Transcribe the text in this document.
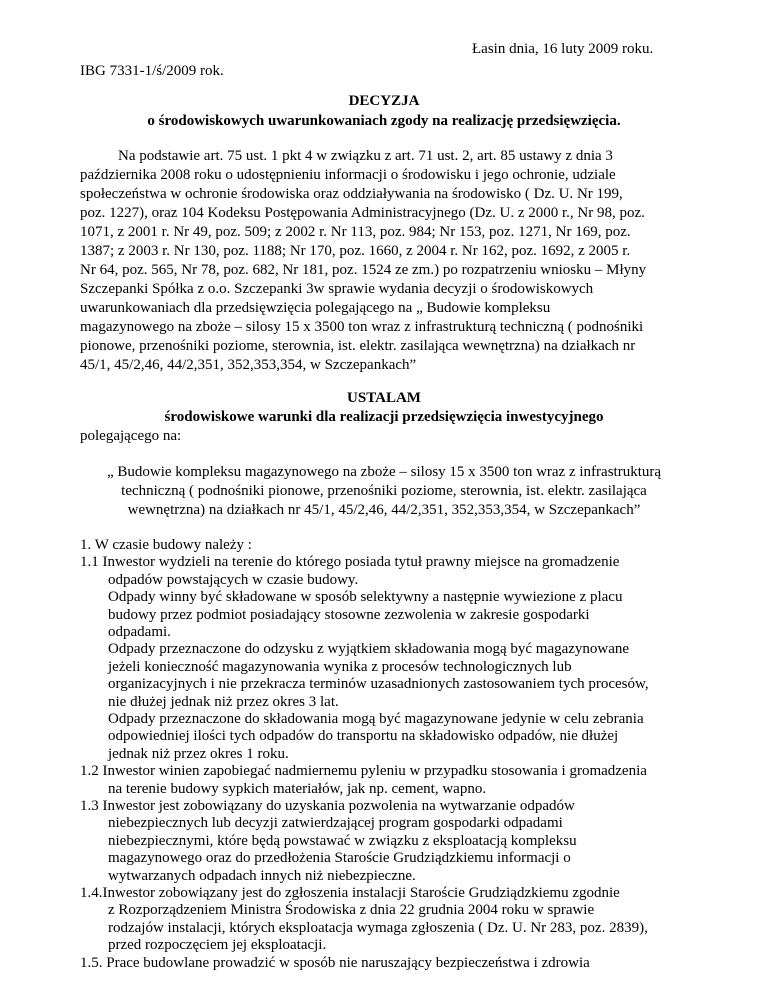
Łasin dnia, 16 luty 2009 roku.
IBG 7331-1/ś/2009 rok.
DECYZJA
o środowiskowych uwarunkowaniach zgody na realizację przedsięwzięcia.
Na podstawie art. 75 ust. 1 pkt 4 w związku z art. 71 ust. 2, art. 85 ustawy z dnia 3
października 2008 roku o udostępnieniu informacji o środowisku i jego ochronie, udziale
społeczeństwa w ochronie środowiska oraz oddziaływania na środowisko ( Dz. U. Nr 199,
poz. 1227), oraz 104 Kodeksu Postępowania Administracyjnego (Dz. U. z 2000 r., Nr 98, poz.
1071, z 2001 r. Nr 49, poz. 509; z 2002 r. Nr 113, poz. 984; Nr 153, poz. 1271, Nr 169, poz.
1387; z 2003 r. Nr 130, poz. 1188; Nr 170, poz. 1660, z 2004 r. Nr 162, poz. 1692, z 2005 r.
Nr 64, poz. 565, Nr 78, poz. 682, Nr 181, poz. 1524 ze zm.) po rozpatrzeniu wniosku – Młyny
Szczepanki Spółka z o.o. Szczepanki 3w sprawie wydania decyzji o środowiskowych
uwarunkowaniach dla przedsięwzięcia polegającego na „ Budowie kompleksu
magazynowego na zboże – silosy 15 x 3500 ton wraz z infrastrukturą techniczną ( podnośniki
pionowe, przenośniki poziome, sterownia, ist. elektr. zasilająca wewnętrzna) na działkach nr
45/1, 45/2,46, 44/2,351, 352,353,354, w Szczepankach”
USTALAM
środowiskowe warunki dla realizacji przedsięwzięcia inwestycyjnego
polegającego na:
„ Budowie kompleksu magazynowego na zboże – silosy 15 x 3500 ton wraz z infrastrukturą
techniczną ( podnośniki pionowe, przenośniki poziome, sterownia, ist. elektr. zasilająca
wewnętrzna) na działkach nr 45/1, 45/2,46, 44/2,351, 352,353,354, w Szczepankach”
1. W czasie budowy należy :
1.1 Inwestor wydzieli na terenie do którego posiada tytuł prawny miejsce na gromadzenie
odpadów powstających w czasie budowy.
Odpady winny być składowane w sposób selektywny a następnie wywiezione z placu
budowy przez podmiot posiadający stosowne zezwolenia w zakresie gospodarki
odpadami.
Odpady przeznaczone do odzysku z wyjątkiem składowania mogą być magazynowane
jeżeli konieczność magazynowania wynika z procesów technologicznych lub
organizacyjnych i nie przekracza terminów uzasadnionych zastosowaniem tych procesów,
nie dłużej jednak niż przez okres 3 lat.
Odpady przeznaczone do składowania mogą być magazynowane jedynie w celu zebrania
odpowiedniej ilości tych odpadów do transportu na składowisko odpadów, nie dłużej
jednak niż przez okres 1 roku.
1.2 Inwestor winien zapobiegać nadmiernemu pyleniu w przypadku stosowania i gromadzenia
na terenie budowy sypkich materiałów, jak np. cement, wapno.
1.3 Inwestor jest zobowiązany do uzyskania pozwolenia na wytwarzanie odpadów
niebezpiecznych lub decyzji zatwierdzającej program gospodarki odpadami
niebezpiecznymi, które będą powstawać w związku z eksploatacją kompleksu
magazynowego oraz do przedłożenia Staroście Grudziądzkiemu informacji o
wytwarzanych odpadach innych niż niebezpieczne.
1.4.Inwestor zobowiązany jest do zgłoszenia instalacji Staroście Grudziądzkiemu zgodnie
z Rozporządzeniem Ministra Środowiska z dnia 22 grudnia 2004 roku w sprawie
rodzajów instalacji, których eksploatacja wymaga zgłoszenia ( Dz. U. Nr 283, poz. 2839),
przed rozpoczęciem jej eksploatacji.
1.5. Prace budowlane prowadzić w sposób nie naruszający bezpieczeństwa i zdrowia
